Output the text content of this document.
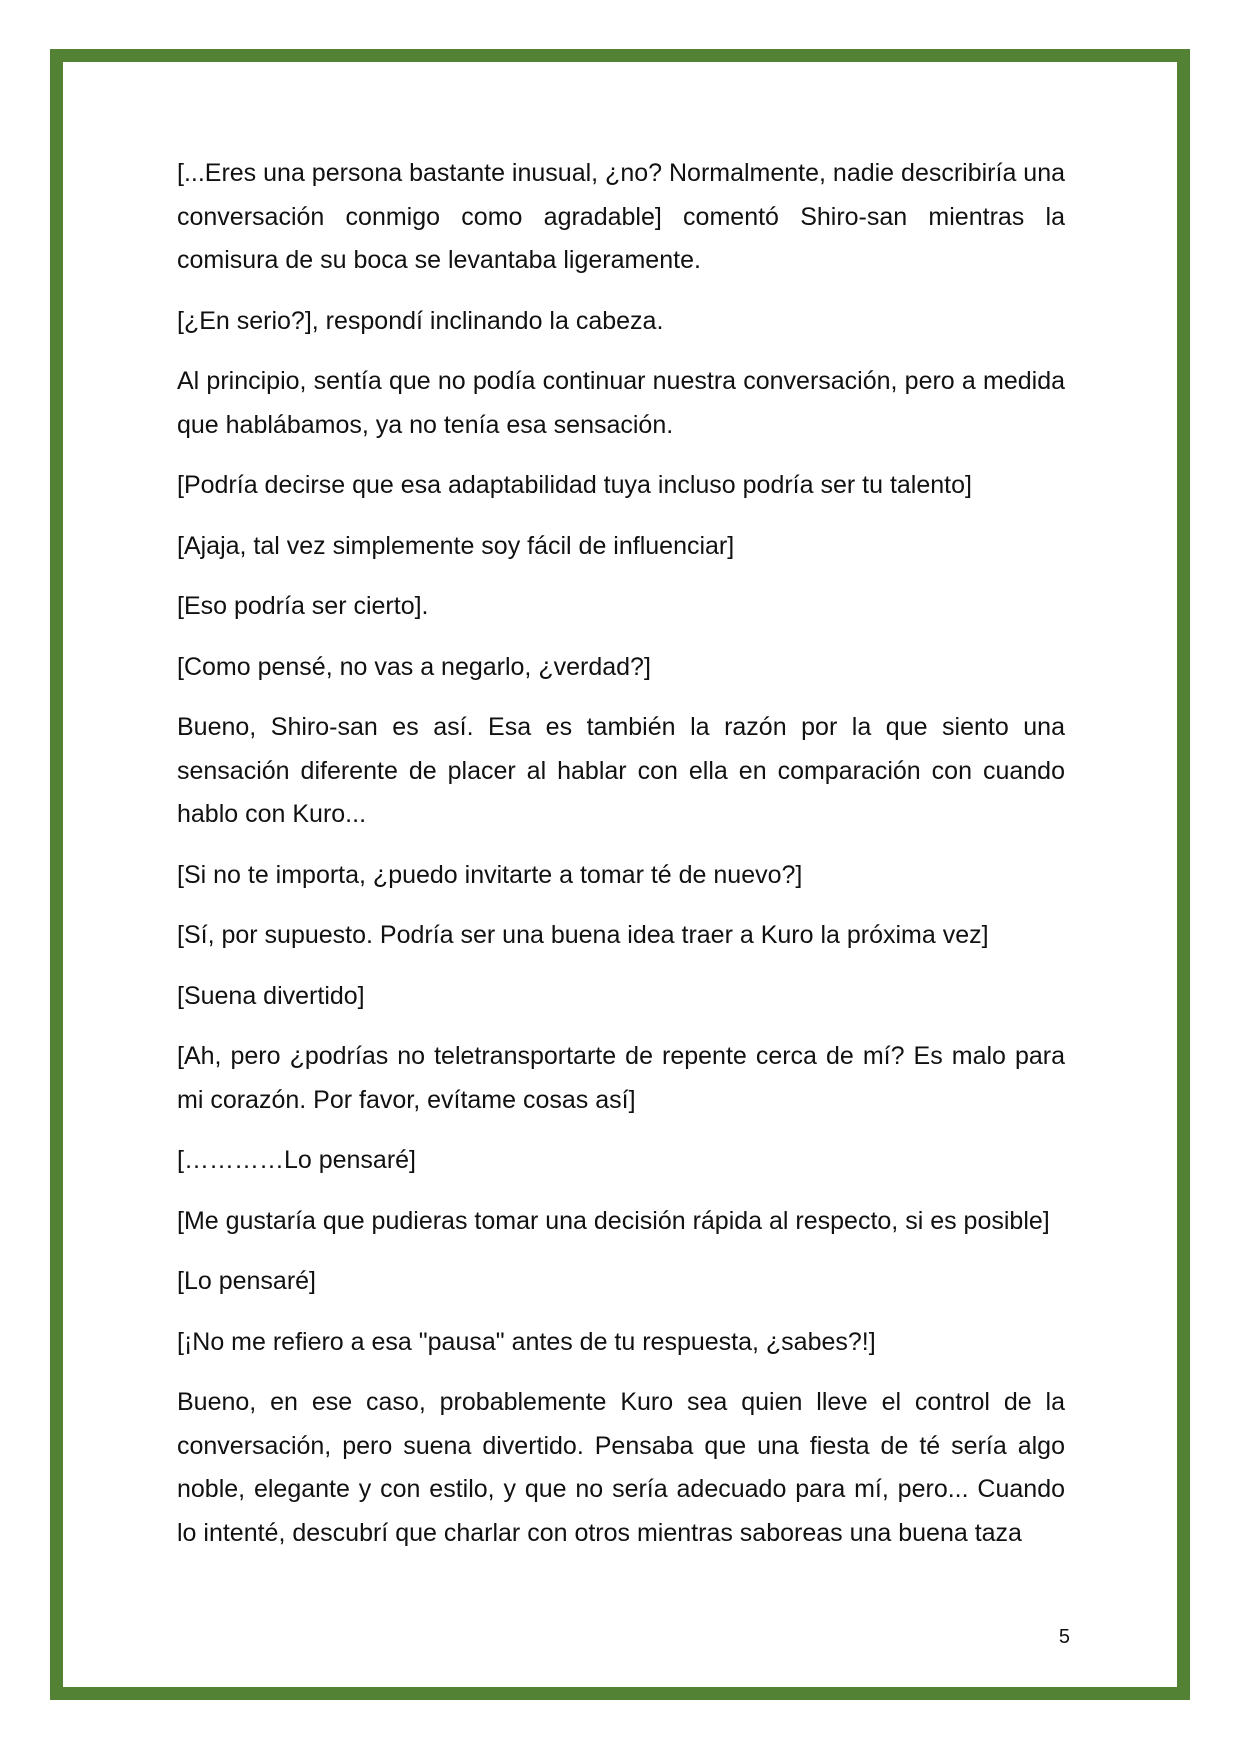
[...Eres una persona bastante inusual, ¿no? Normalmente, nadie describiría una conversación conmigo como agradable] comentó Shiro-san mientras la comisura de su boca se levantaba ligeramente.

[¿En serio?], respondí inclinando la cabeza.

Al principio, sentía que no podía continuar nuestra conversación, pero a medida que hablábamos, ya no tenía esa sensación.

[Podría decirse que esa adaptabilidad tuya incluso podría ser tu talento]

[Ajaja, tal vez simplemente soy fácil de influenciar]

[Eso podría ser cierto].

[Como pensé, no vas a negarlo, ¿verdad?]

Bueno, Shiro-san es así. Esa es también la razón por la que siento una sensación diferente de placer al hablar con ella en comparación con cuando hablo con Kuro...

[Si no te importa, ¿puedo invitarte a tomar té de nuevo?]

[Sí, por supuesto. Podría ser una buena idea traer a Kuro la próxima vez]

[Suena divertido]

[Ah, pero ¿podrías no teletransportarte de repente cerca de mí? Es malo para mi corazón. Por favor, evítame cosas así]

[…………Lo pensaré]

[Me gustaría que pudieras tomar una decisión rápida al respecto, si es posible]

[Lo pensaré]

[¡No me refiero a esa "pausa" antes de tu respuesta, ¿sabes?!]

Bueno, en ese caso, probablemente Kuro sea quien lleve el control de la conversación, pero suena divertido. Pensaba que una fiesta de té sería algo noble, elegante y con estilo, y que no sería adecuado para mí, pero... Cuando lo intenté, descubrí que charlar con otros mientras saboreas una buena taza

5
